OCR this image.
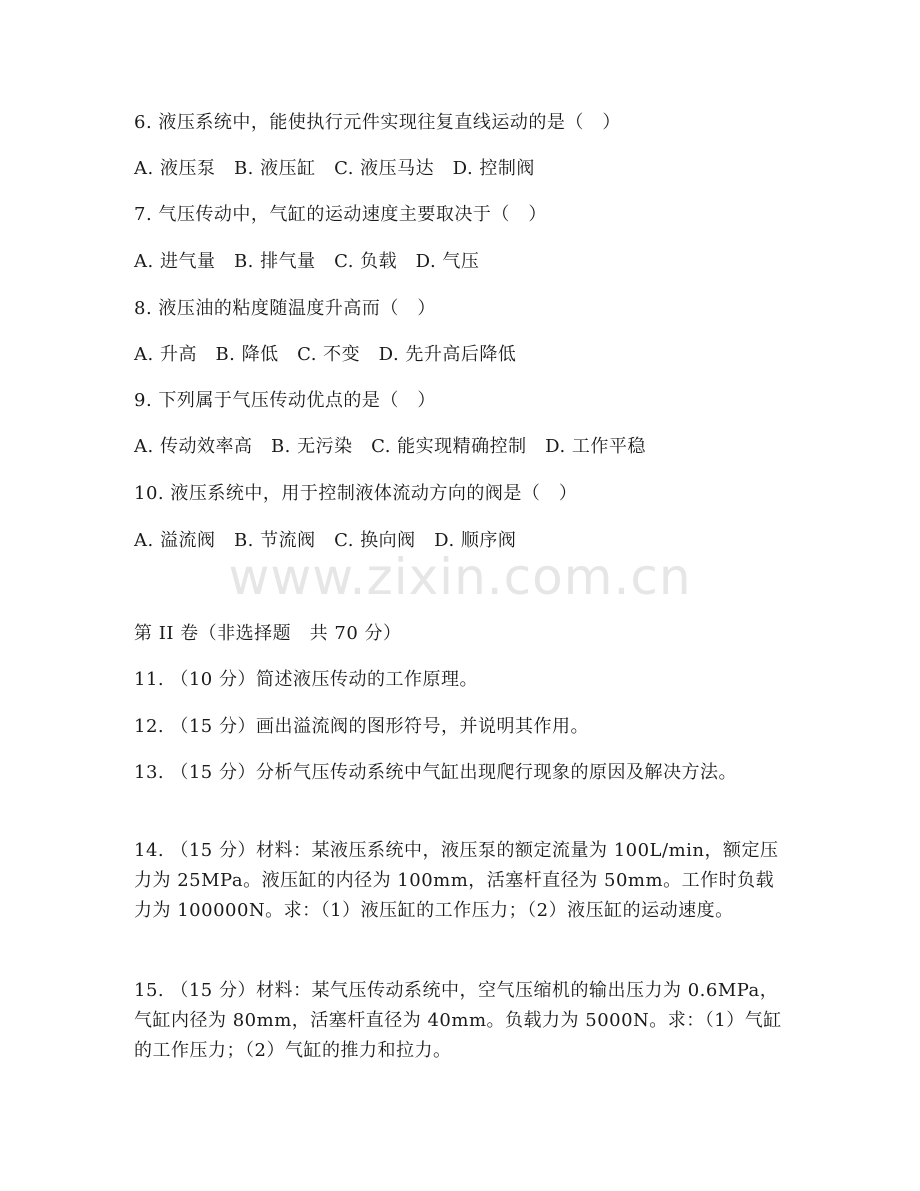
6. 液压系统中，能使执行元件实现往复直线运动的是（　）
A. 液压泵　B. 液压缸　C. 液压马达　D. 控制阀
7. 气压传动中，气缸的运动速度主要取决于（　）
A. 进气量　B. 排气量　C. 负载　D. 气压
8. 液压油的粘度随温度升高而（　）
A. 升高　B. 降低　C. 不变　D. 先升高后降低
9. 下列属于气压传动优点的是（　）
A. 传动效率高　B. 无污染　C. 能实现精确控制　D. 工作平稳
10. 液压系统中，用于控制液体流动方向的阀是（　）
A. 溢流阀　B. 节流阀　C. 换向阀　D. 顺序阀
www.zixin.com.cn
第 II 卷（非选择题　共 70 分）
11. （10 分）简述液压传动的工作原理。
12. （15 分）画出溢流阀的图形符号，并说明其作用。
13. （15 分）分析气压传动系统中气缸出现爬行现象的原因及解决方法。
14. （15 分）材料：某液压系统中，液压泵的额定流量为 100L/min，额定压力为 25MPa。液压缸的内径为 100mm，活塞杆直径为 50mm。工作时负载力为 100000N。求：（1）液压缸的工作压力；（2）液压缸的运动速度。
15. （15 分）材料：某气压传动系统中，空气压缩机的输出压力为 0.6MPa，气缸内径为 80mm，活塞杆直径为 40mm。负载力为 5000N。求：（1）气缸的工作压力；（2）气缸的推力和拉力。
